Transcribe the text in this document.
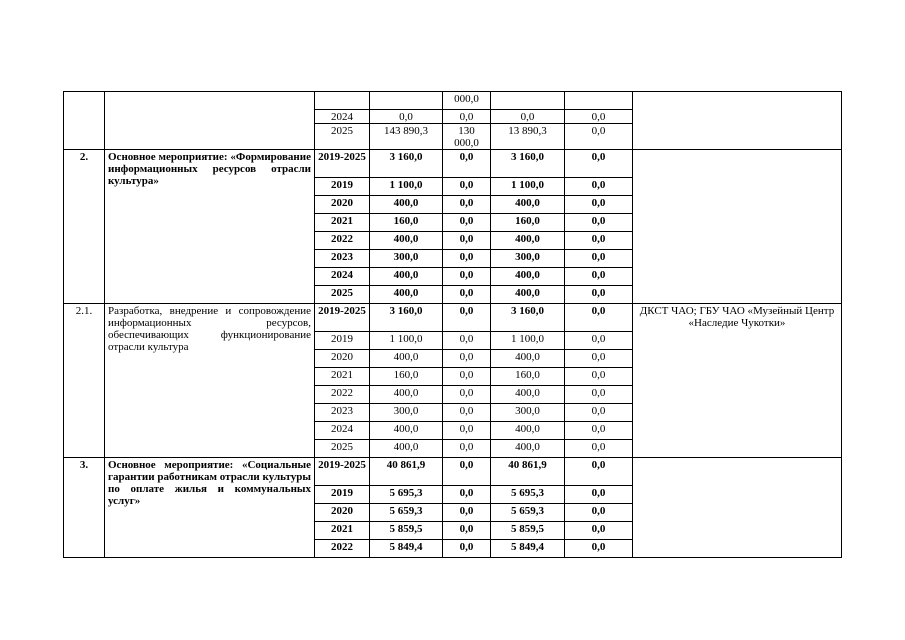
				000,0			
		2024	0,0	0,0	0,0	0,0	
		2025	143 890,3	130 000,0	13 890,3	0,0	
2.	Основное мероприятие: «Формирование информационных ресурсов отрасли культура»	2019-2025	3 160,0	0,0	3 160,0	0,0	
		2019	1 100,0	0,0	1 100,0	0,0	
		2020	400,0	0,0	400,0	0,0	
		2021	160,0	0,0	160,0	0,0	
		2022	400,0	0,0	400,0	0,0	
		2023	300,0	0,0	300,0	0,0	
		2024	400,0	0,0	400,0	0,0	
		2025	400,0	0,0	400,0	0,0	
2.1.	Разработка, внедрение и сопровождение информационных ресурсов, обеспечивающих функционирование отрасли культура	2019-2025	3 160,0	0,0	3 160,0	0,0	ДКСТ ЧАО; ГБУ ЧАО «Музейный Центр «Наследие Чукотки»
		2019	1 100,0	0,0	1 100,0	0,0	
		2020	400,0	0,0	400,0	0,0	
		2021	160,0	0,0	160,0	0,0	
		2022	400,0	0,0	400,0	0,0	
		2023	300,0	0,0	300,0	0,0	
		2024	400,0	0,0	400,0	0,0	
		2025	400,0	0,0	400,0	0,0	
3.	Основное мероприятие: «Социальные гарантии работникам отрасли культуры по оплате жилья и коммунальных услуг»	2019-2025	40 861,9	0,0	40 861,9	0,0	
		2019	5 695,3	0,0	5 695,3	0,0	
		2020	5 659,3	0,0	5 659,3	0,0	
		2021	5 859,5	0,0	5 859,5	0,0	
		2022	5 849,4	0,0	5 849,4	0,0	
